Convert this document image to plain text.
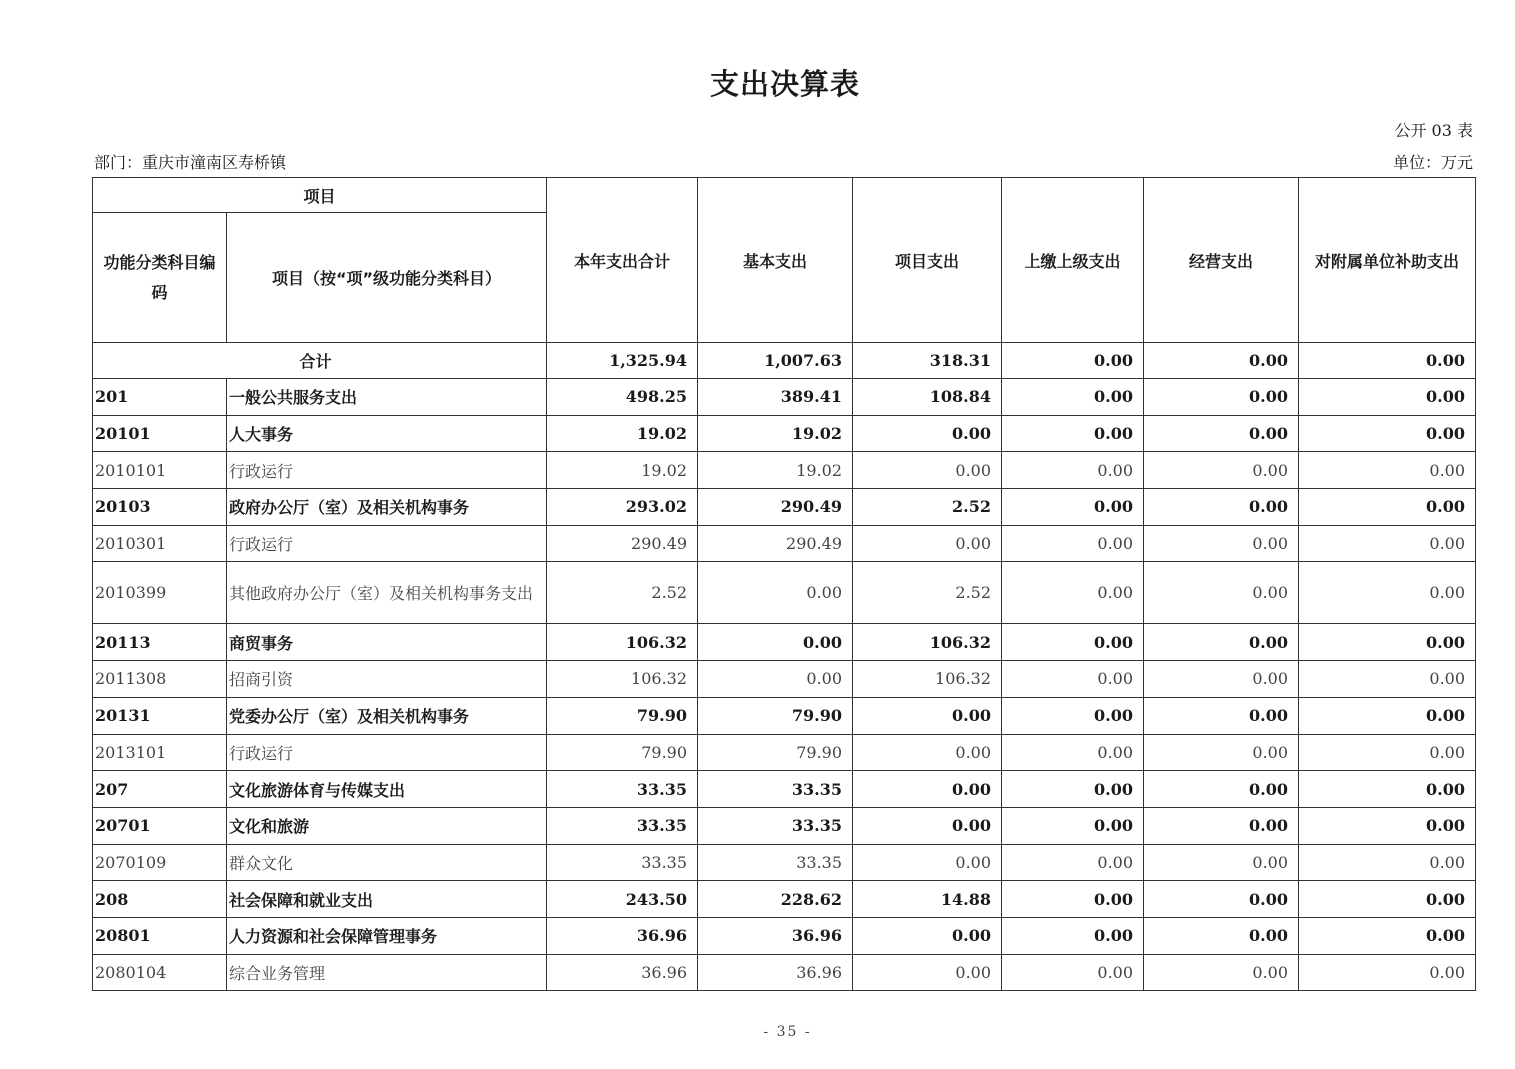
支出决算表
公开 03 表
部门：重庆市潼南区寿桥镇	单位：万元
项目		本年支出合计	基本支出	项目支出	上缴上级支出	经营支出	对附属单位补助支出
功能分类科目编码	项目（按“项”级功能分类科目）						
合计		1,325.94	1,007.63	318.31	0.00	0.00	0.00
201	一般公共服务支出	498.25	389.41	108.84	0.00	0.00	0.00
20101	人大事务	19.02	19.02	0.00	0.00	0.00	0.00
2010101	行政运行	19.02	19.02	0.00	0.00	0.00	0.00
20103	政府办公厅（室）及相关机构事务	293.02	290.49	2.52	0.00	0.00	0.00
2010301	行政运行	290.49	290.49	0.00	0.00	0.00	0.00
2010399	其他政府办公厅（室）及相关机构事务支出	2.52	0.00	2.52	0.00	0.00	0.00
20113	商贸事务	106.32	0.00	106.32	0.00	0.00	0.00
2011308	招商引资	106.32	0.00	106.32	0.00	0.00	0.00
20131	党委办公厅（室）及相关机构事务	79.90	79.90	0.00	0.00	0.00	0.00
2013101	行政运行	79.90	79.90	0.00	0.00	0.00	0.00
207	文化旅游体育与传媒支出	33.35	33.35	0.00	0.00	0.00	0.00
20701	文化和旅游	33.35	33.35	0.00	0.00	0.00	0.00
2070109	群众文化	33.35	33.35	0.00	0.00	0.00	0.00
208	社会保障和就业支出	243.50	228.62	14.88	0.00	0.00	0.00
20801	人力资源和社会保障管理事务	36.96	36.96	0.00	0.00	0.00	0.00
2080104	综合业务管理	36.96	36.96	0.00	0.00	0.00	0.00
- 35 -
